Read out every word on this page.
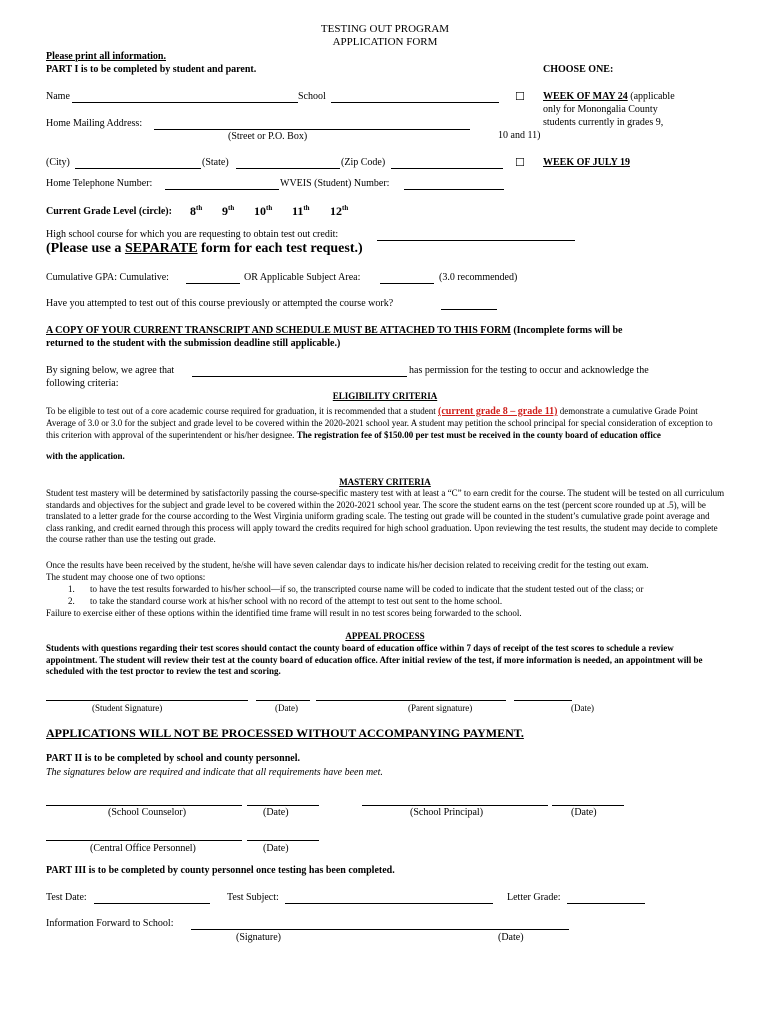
TESTING OUT PROGRAM
APPLICATION FORM
Please print all information.
PART I is to be completed by student and parent.	CHOOSE ONE:
Name	School	☐ WEEK OF MAY 24 (applicable
only for Monongalia County
students currently in grades 9,
10 and 11)
Home Mailing Address:
(Street or P.O. Box)
(City)	(State)	(Zip Code)	☐ WEEK OF JULY 19
Home Telephone Number:	WVEIS (Student) Number:
Current Grade Level (circle): 8th 9th 10th 11th 12th
High school course for which you are requesting to obtain test out credit:
(Please use a SEPARATE form for each test request.)
Cumulative GPA: Cumulative:	OR Applicable Subject Area:	(3.0 recommended)
Have you attempted to test out of this course previously or attempted the course work?
A COPY OF YOUR CURRENT TRANSCRIPT AND SCHEDULE MUST BE ATTACHED TO THIS FORM (Incomplete forms will be
returned to the student with the submission deadline still applicable.)
By signing below, we agree that	has permission for the testing to occur and acknowledge the
following criteria:
ELIGIBILITY CRITERIA
To be eligible to test out of a core academic course required for graduation, it is recommended that a student (current grade 8 – grade 11) demonstrate a cumulative Grade Point Average of 3.0 or 3.0 for the subject and grade level to be covered within the 2020-2021 school year. A student may petition the school principal for special consideration of exception to this criterion with approval of the superintendent or his/her designee. The registration fee of $150.00 per test must be received in the county board of education office
with the application.
MASTERY CRITERIA
Student test mastery will be determined by satisfactorily passing the course-specific mastery test with at least a “C” to earn credit for the course. The student will be tested on all curriculum standards and objectives for the subject and grade level to be covered within the 2020-2021 school year. The score the student earns on the test (percent score rounded up at .5), will be translated to a letter grade for the course according to the West Virginia uniform grading scale. The testing out grade will be counted in the student’s cumulative grade point average and class ranking, and credit earned through this process will apply toward the credits required for high school graduation. Upon reviewing the test results, the student may decide to complete the course rather than use the testing out grade.
Once the results have been received by the student, he/she will have seven calendar days to indicate his/her decision related to receiving credit for the testing out exam.
The student may choose one of two options:
1. to have the test results forwarded to his/her school—if so, the transcripted course name will be coded to indicate that the student tested out of the class; or
2. to take the standard course work at his/her school with no record of the attempt to test out sent to the home school.
Failure to exercise either of these options within the identified time frame will result in no test scores being forwarded to the school.
APPEAL PROCESS
Students with questions regarding their test scores should contact the county board of education office within 7 days of receipt of the test scores to schedule a review appointment. The student will review their test at the county board of education office. After initial review of the test, if more information is needed, an appointment will be scheduled with the test proctor to review the test and scoring.
(Student Signature)	(Date)	(Parent signature)	(Date)
APPLICATIONS WILL NOT BE PROCESSED WITHOUT ACCOMPANYING PAYMENT.
PART II is to be completed by school and county personnel.
The signatures below are required and indicate that all requirements have been met.
(School Counselor)	(Date)	(School Principal)	(Date)
(Central Office Personnel)	(Date)
PART III is to be completed by county personnel once testing has been completed.
Test Date:	Test Subject:	Letter Grade:
Information Forward to School:
(Signature)	(Date)
